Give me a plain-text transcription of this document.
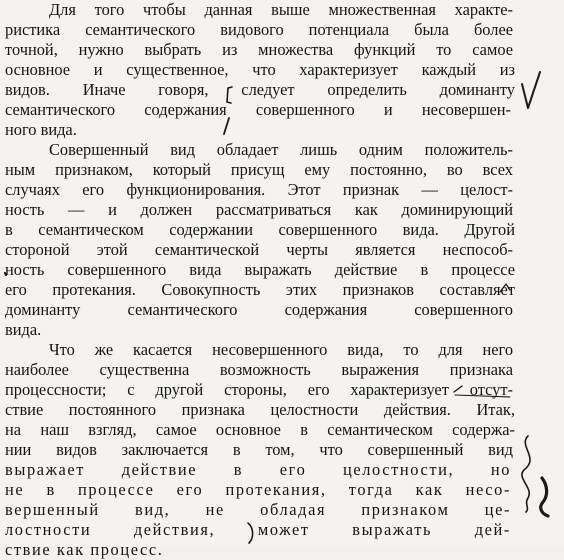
Для того чтобы данная выше множественная характе-
ристика семантического видового потенциала была более
точной, нужно выбрать из множества функций то самое
основное и существенное, что характеризует каждый из
видов. Иначе говоря, следует определить доминанту
семантического содержания совершенного и несовершен-
ного вида.
Совершенный вид обладает лишь одним положитель-
ным признаком, который присущ ему постоянно, во всех
случаях его функционирования. Этот признак — целост-
ность — и должен рассматриваться как доминирующий
в семантическом содержании совершенного вида. Другой
стороной этой семантической черты является неспособ-
ность совершенного вида выражать действие в процессе
его протекания. Совокупность этих признаков составляет
доминанту семантического содержания совершенного
вида.
Что же касается несовершенного вида, то для него
наиболее существенна возможность выражения признака
процессности; с другой стороны, его характеризует отсут-
ствие постоянного признака целостности действия. Итак,
на наш взгляд, самое основное в семантическом содержа-
нии видов заключается в том, что совершенный вид
выражает действие в его целостности, но
не в процессе его протекания, тогда как несо-
вершенный вид, не обладая признаком це-
лостности действия, может выражать дей-
ствие как процесс.
